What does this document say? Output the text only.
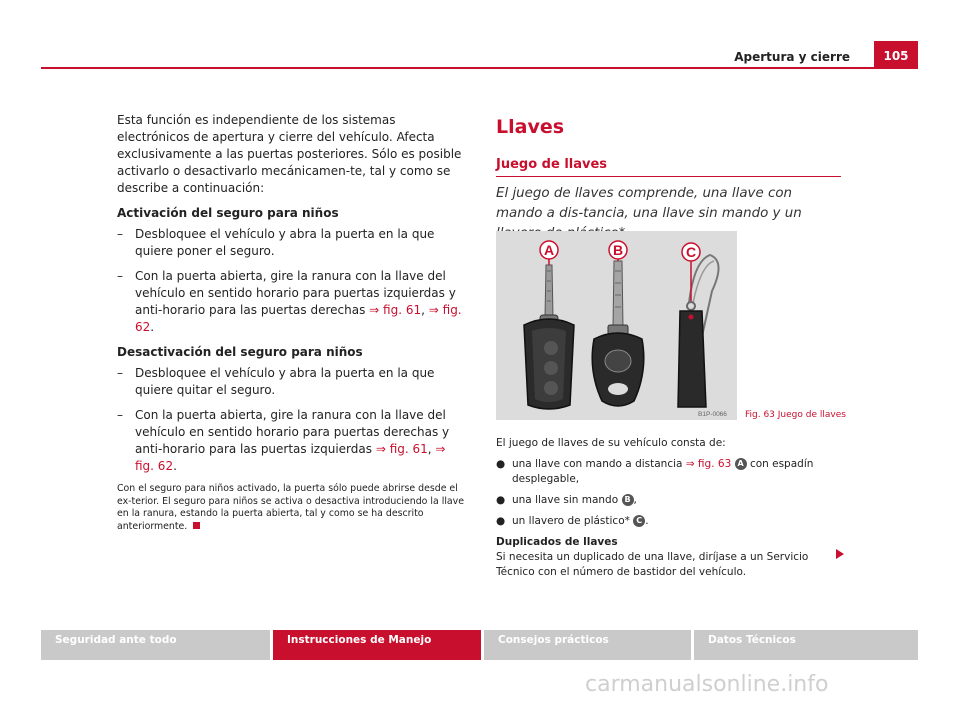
Apertura y cierre	105

Esta función es independiente de los sistemas electrónicos de apertura y cierre del vehículo. Afecta exclusivamente a las puertas posteriores. Sólo es posible activarlo o desactivarlo mecánicamen-te, tal y como se describe a continuación:

Activación del seguro para niños
– Desbloquee el vehículo y abra la puerta en la que quiere poner el seguro.
– Con la puerta abierta, gire la ranura con la llave del vehículo en sentido horario para puertas izquierdas y anti-horario para las puertas derechas ⇒ fig. 61, ⇒ fig. 62.
Desactivación del seguro para niños
– Desbloquee el vehículo y abra la puerta en la que quiere quitar el seguro.
– Con la puerta abierta, gire la ranura con la llave del vehículo en sentido horario para puertas derechas y anti-horario para las puertas izquierdas ⇒ fig. 61, ⇒ fig. 62.
Con el seguro para niños activado, la puerta sólo puede abrirse desde el ex-terior. El seguro para niños se activa o desactiva introduciendo la llave en la ranura, estando la puerta abierta, tal y como se ha descrito anteriormente.
Llaves
Juego de llaves
El juego de llaves comprende, una llave con mando a dis-tancia, una llave sin mando y un
A	B	C
B1P-0066 Fig. 63 Juego de llaves

El juego de llaves de su vehículo consta de:

● una llave con mando a distancia ⇒ fig. 63 A con espadín desplegable,
● una llave sin mando B ,
● un llavero de plástico* C .
Duplicados de llaves
Si necesita un duplicado de una llave, diríjase a un Servicio Técnico con el número de bastidor del vehículo.
Seguridad ante todo	Instrucciones de Manejo	Consejos prácticos	Datos Técnicos
carmanualsonline.info
